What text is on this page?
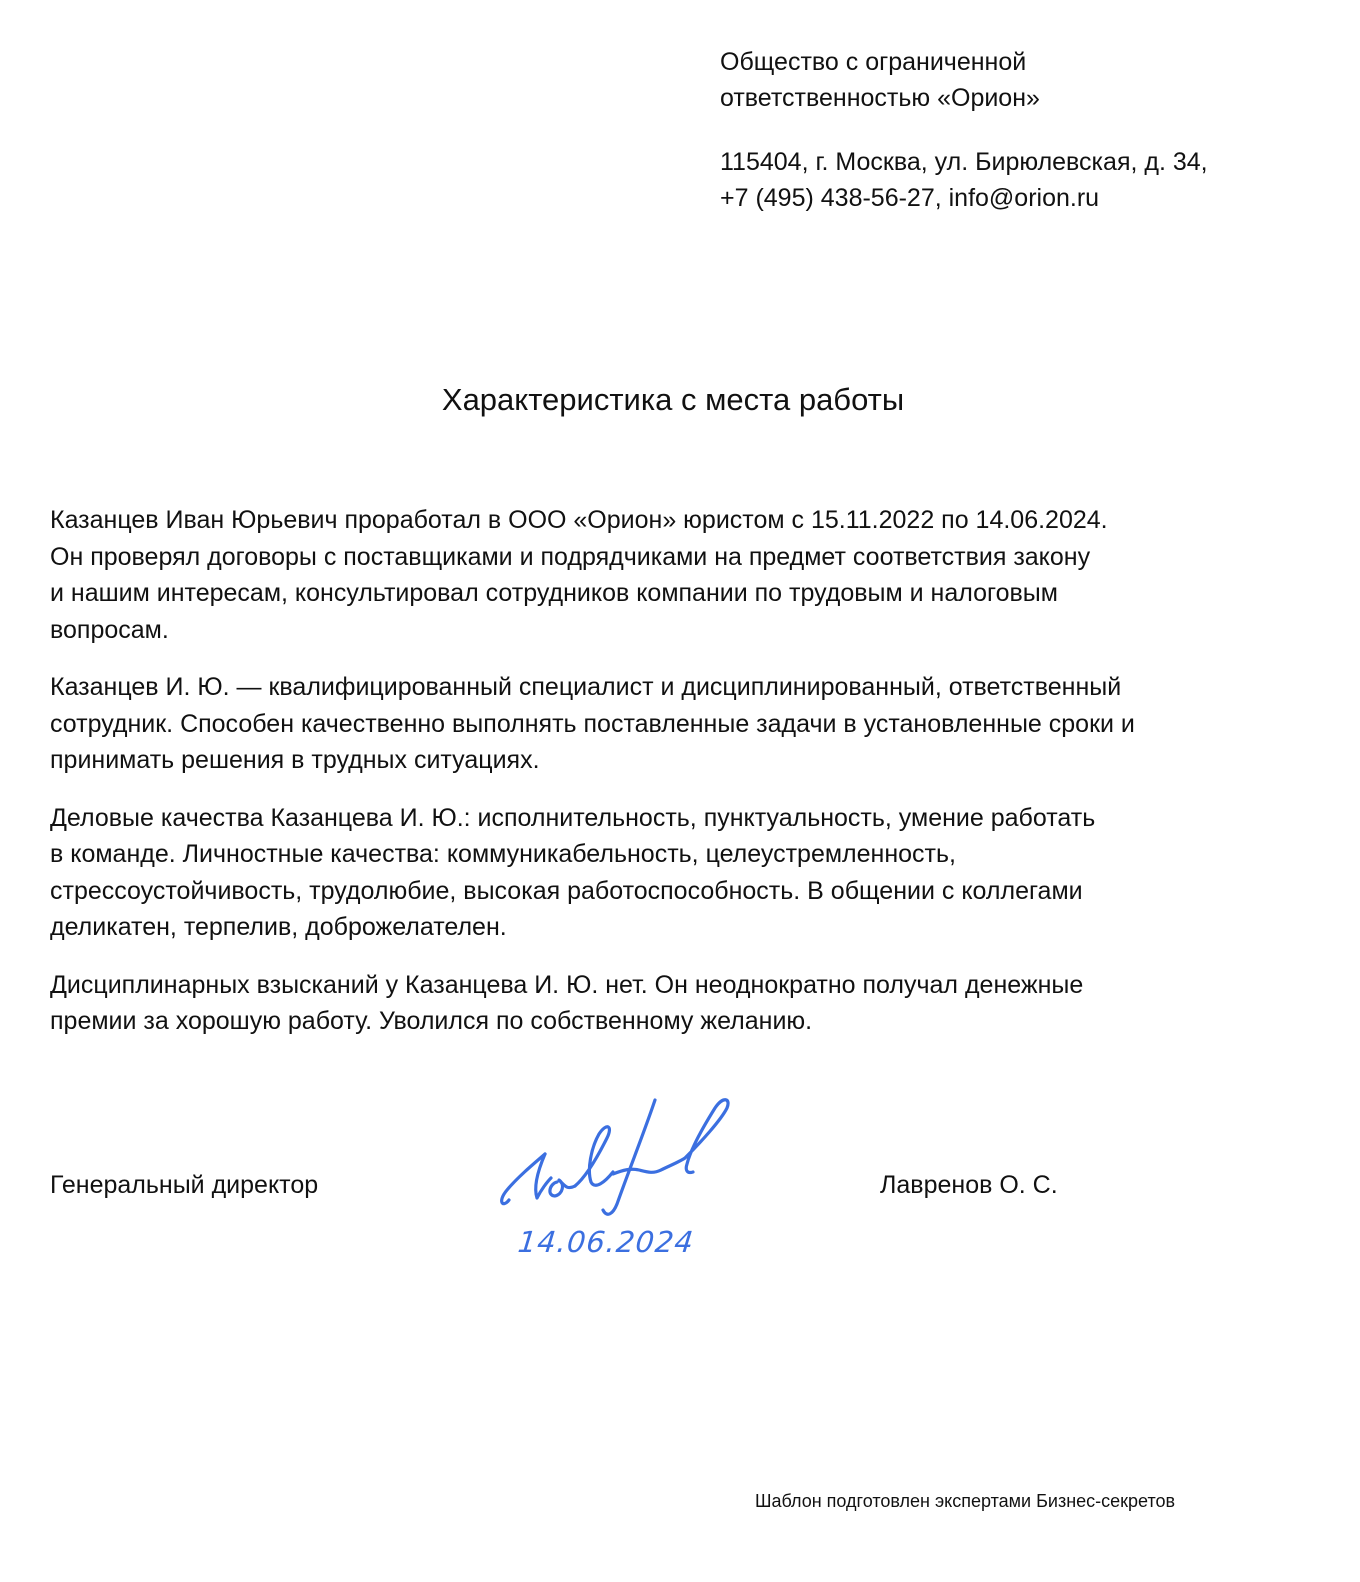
Общество с ограниченной
ответственностью «Орион»

115404, г. Москва, ул. Бирюлевская, д. 34,
+7 (495) 438-56-27, info@orion.ru

Характеристика с места работы

Казанцев Иван Юрьевич проработал в ООО «Орион» юристом с 15.11.2022 по 14.06.2024.
Он проверял договоры с поставщиками и подрядчиками на предмет соответствия закону
и нашим интересам, консультировал сотрудников компании по трудовым и налоговым
вопросам.

Казанцев И. Ю. — квалифицированный специалист и дисциплинированный, ответственный
сотрудник. Способен качественно выполнять поставленные задачи в установленные сроки и
принимать решения в трудных ситуациях.

Деловые качества Казанцева И. Ю.: исполнительность, пунктуальность, умение работать
в команде. Личностные качества: коммуникабельность, целеустремленность,
стрессоустойчивость, трудолюбие, высокая работоспособность. В общении с коллегами
деликатен, терпелив, доброжелателен.

Дисциплинарных взысканий у Казанцева И. Ю. нет. Он неоднократно получал денежные
премии за хорошую работу. Уволился по собственному желанию.

Генеральный директор
14.06.2024
Лавренов О. С.
Шаблон подготовлен экспертами Бизнес-секретов
